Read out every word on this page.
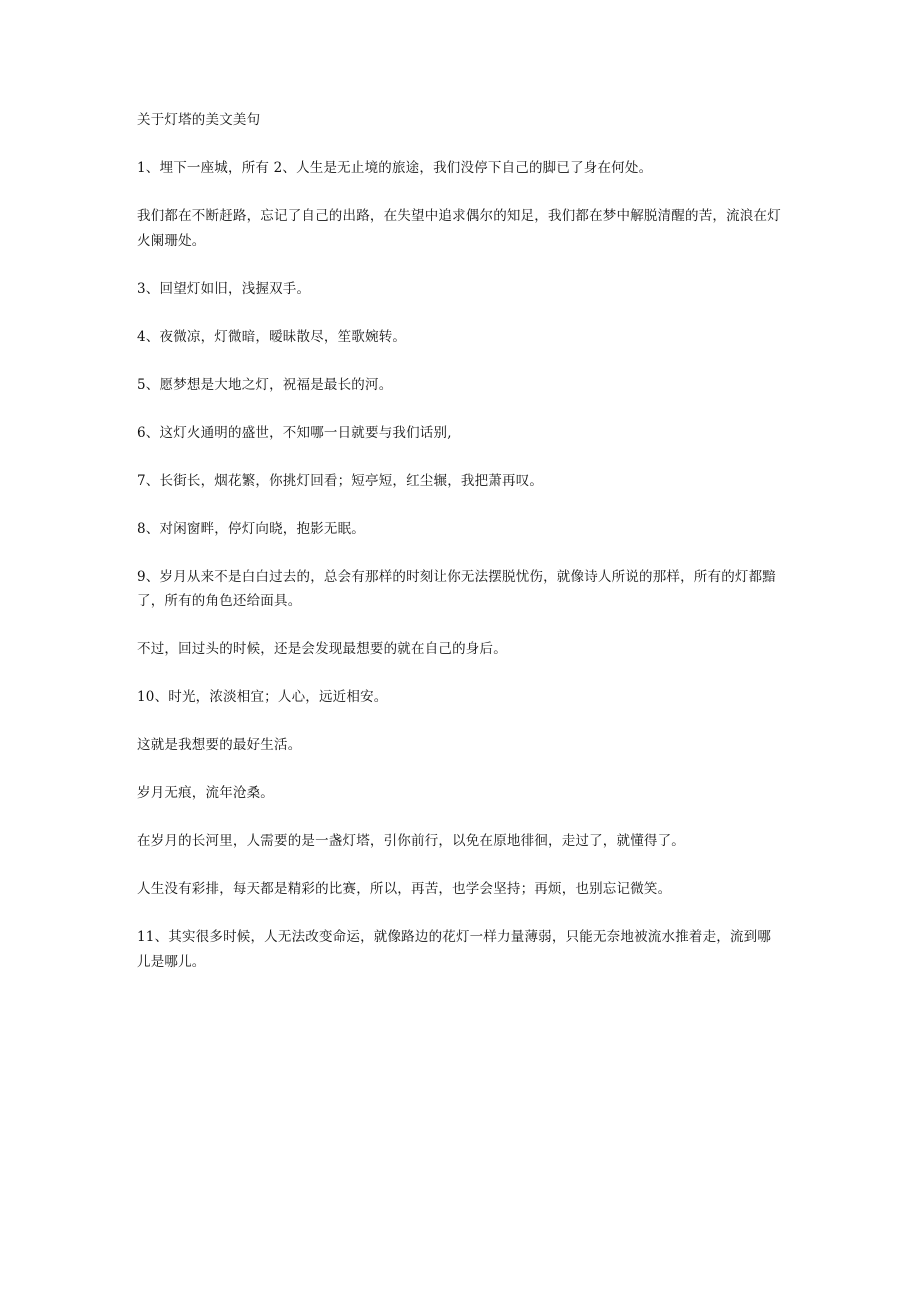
关于灯塔的美文美句

1、埋下一座城，所有 2、人生是无止境的旅途，我们没停下自己的脚已了身在何处。

我们都在不断赶路，忘记了自己的出路，在失望中追求偶尔的知足，我们都在梦中解脱清醒的苦，流浪在灯火阑珊处。

3、回望灯如旧，浅握双手。

4、夜微凉，灯微暗，暧昧散尽，笙歌婉转。

5、愿梦想是大地之灯，祝福是最长的河。

6、这灯火通明的盛世，不知哪一日就要与我们话别,

7、长街长，烟花繁，你挑灯回看；短亭短，红尘辗，我把萧再叹。

8、对闲窗畔，停灯向晓，抱影无眠。

9、岁月从来不是白白过去的，总会有那样的时刻让你无法摆脱忧伤，就像诗人所说的那样，所有的灯都黯了，所有的角色还给面具。

不过，回过头的时候，还是会发现最想要的就在自己的身后。

10、时光，浓淡相宜；人心，远近相安。

这就是我想要的最好生活。

岁月无痕，流年沧桑。

在岁月的长河里，人需要的是一盏灯塔，引你前行，以免在原地徘徊，走过了，就懂得了。

人生没有彩排，每天都是精彩的比赛，所以，再苦，也学会坚持；再烦，也别忘记微笑。

11、其实很多时候，人无法改变命运，就像路边的花灯一样力量薄弱，只能无奈地被流水推着走，流到哪儿是哪儿。
